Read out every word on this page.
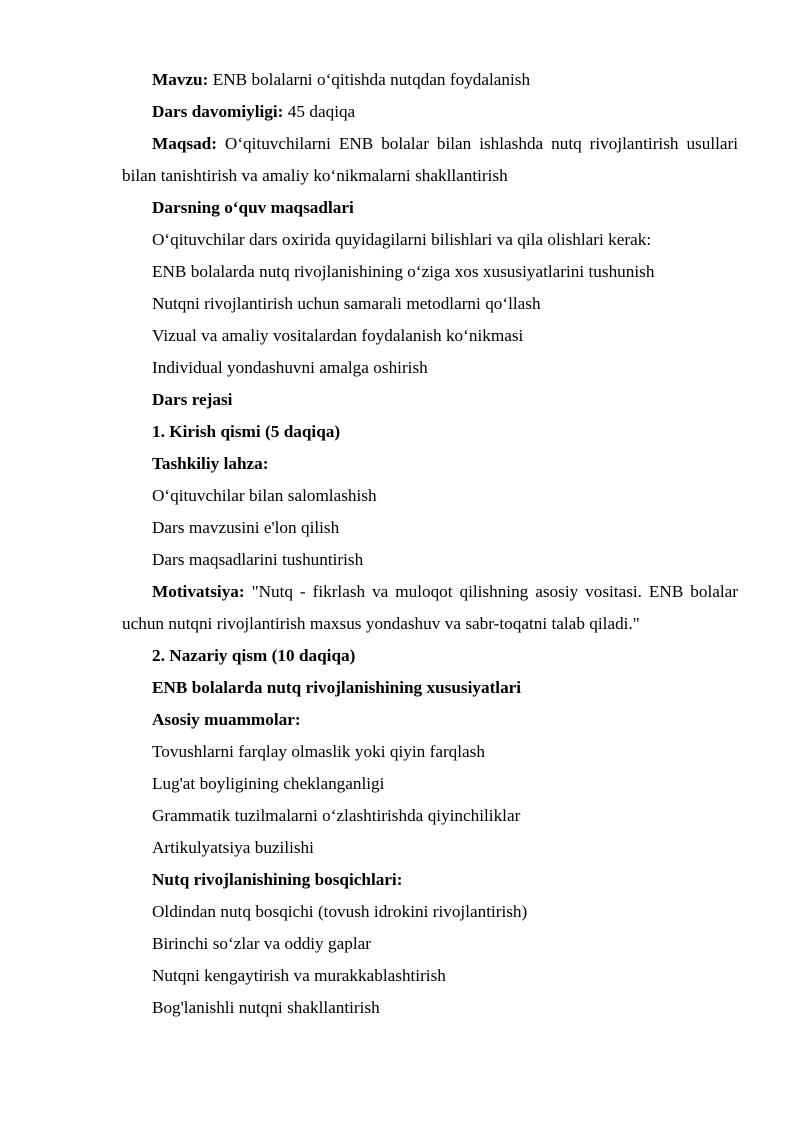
Mavzu: ENB bolalarni oʻqitishda nutqdan foydalanish

Dars davomiyligi: 45 daqiqa

Maqsad: Oʻqituvchilarni ENB bolalar bilan ishlashda nutq rivojlantirish usullari bilan tanishtirish va amaliy koʻnikmalarni shakllantirish

Darsning oʻquv maqsadlari

Oʻqituvchilar dars oxirida quyidagilarni bilishlari va qila olishlari kerak:

ENB bolalarda nutq rivojlanishining oʻziga xos xususiyatlarini tushunish

Nutqni rivojlantirish uchun samarali metodlarni qoʻllash

Vizual va amaliy vositalardan foydalanish koʻnikmasi

Individual yondashuvni amalga oshirish

Dars rejasi

1. Kirish qismi (5 daqiqa)

Tashkiliy lahza:

Oʻqituvchilar bilan salomlashish

Dars mavzusini e'lon qilish

Dars maqsadlarini tushuntirish

Motivatsiya: "Nutq - fikrlash va muloqot qilishning asosiy vositasi. ENB bolalar uchun nutqni rivojlantirish maxsus yondashuv va sabr-toqatni talab qiladi."

2. Nazariy qism (10 daqiqa)

ENB bolalarda nutq rivojlanishining xususiyatlari

Asosiy muammolar:

Tovushlarni farqlay olmaslik yoki qiyin farqlash

Lug'at boyligining cheklanganligi

Grammatik tuzilmalarni oʻzlashtirishda qiyinchiliklar

Artikulyatsiya buzilishi

Nutq rivojlanishining bosqichlari:

Oldindan nutq bosqichi (tovush idrokini rivojlantirish)

Birinchi soʻzlar va oddiy gaplar

Nutqni kengaytirish va murakkablashtirish

Bog'lanishli nutqni shakllantirish
